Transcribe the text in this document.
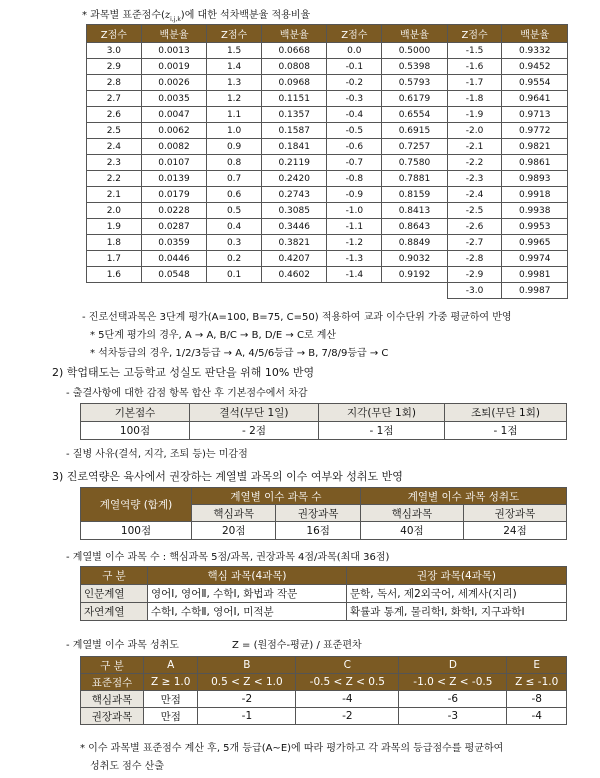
* 과목별 표준점수$(z_{i,j,k})$에 대한 석차백분율 적용비율
Z점수	백분율	Z점수	백분율	Z점수	백분율	Z점수	백분율
3.0	0.0013	1.5	0.0668	0.0	0.5000	-1.5	0.9332
2.9	0.0019	1.4	0.0808	-0.1	0.5398	-1.6	0.9452
2.8	0.0026	1.3	0.0968	-0.2	0.5793	-1.7	0.9554
2.7	0.0035	1.2	0.1151	-0.3	0.6179	-1.8	0.9641
2.6	0.0047	1.1	0.1357	-0.4	0.6554	-1.9	0.9713
2.5	0.0062	1.0	0.1587	-0.5	0.6915	-2.0	0.9772
2.4	0.0082	0.9	0.1841	-0.6	0.7257	-2.1	0.9821
2.3	0.0107	0.8	0.2119	-0.7	0.7580	-2.2	0.9861
2.2	0.0139	0.7	0.2420	-0.8	0.7881	-2.3	0.9893
2.1	0.0179	0.6	0.2743	-0.9	0.8159	-2.4	0.9918
2.0	0.0228	0.5	0.3085	-1.0	0.8413	-2.5	0.9938
1.9	0.0287	0.4	0.3446	-1.1	0.8643	-2.6	0.9953
1.8	0.0359	0.3	0.3821	-1.2	0.8849	-2.7	0.9965
1.7	0.0446	0.2	0.4207	-1.3	0.9032	-2.8	0.9974
1.6	0.0548	0.1	0.4602	-1.4	0.9192	-2.9	0.9981
						-3.0	0.9987
- 진로선택과목은 3단계 평가(A=100, B=75, C=50) 적용하여 교과 이수단위 가중 평균하여 반영
* 5단계 평가의 경우, A → A, B/C → B, D/E → C로 계산
* 석차등급의 경우, 1/2/3등급 → A, 4/5/6등급 → B, 7/8/9등급 → C
2) 학업태도는 고등학교 성실도 판단을 위해 10% 반영
- 출결사항에 대한 감점 항목 합산 후 기본점수에서 차감
기본점수	결석(무단 1일)	지각(무단 1회)	조퇴(무단 1회)
100점	- 2점	- 1점	- 1점
- 질병 사유(결석, 지각, 조퇴 등)는 미감점
3) 진로역량은 육사에서 권장하는 계열별 과목의 이수 여부와 성취도 반영
계열역량 (합계)	계열별 이수 과목 수		계열별 이수 과목 성취도	
	핵심과목	권장과목	핵심과목	권장과목
100점	20점	16점	40점	24점
- 계열별 이수 과목 수 : 핵심과목 5점/과목, 권장과목 4점/과목(최대 36점)
구 분	핵심 과목(4과목)	권장 과목(4과목)
인문계열	영어Ⅰ, 영어Ⅱ, 수학Ⅰ, 화법과 작문	문학, 독서, 제2외국어, 세계사(지리)
자연계열	수학Ⅰ, 수학Ⅱ, 영어Ⅰ, 미적분	확률과 통계, 물리학Ⅰ, 화학Ⅰ, 지구과학Ⅰ
- 계열별 이수 과목 성취도	Z = (원점수-평균) / 표준편차
구 분	A	B	C	D	E
표준점수	Z ≥ 1.0	0.5 < Z < 1.0	-0.5 < Z < 0.5	-1.0 < Z < -0.5	Z ≤ -1.0
핵심과목	만점	-2	-4	-6	-8
권장과목	만점	-1	-2	-3	-4
* 이수 과목별 표준점수 계산 후, 5개 등급(A~E)에 따라 평가하고 각 과목의 등급점수를 평균하여
성취도 점수 산출
